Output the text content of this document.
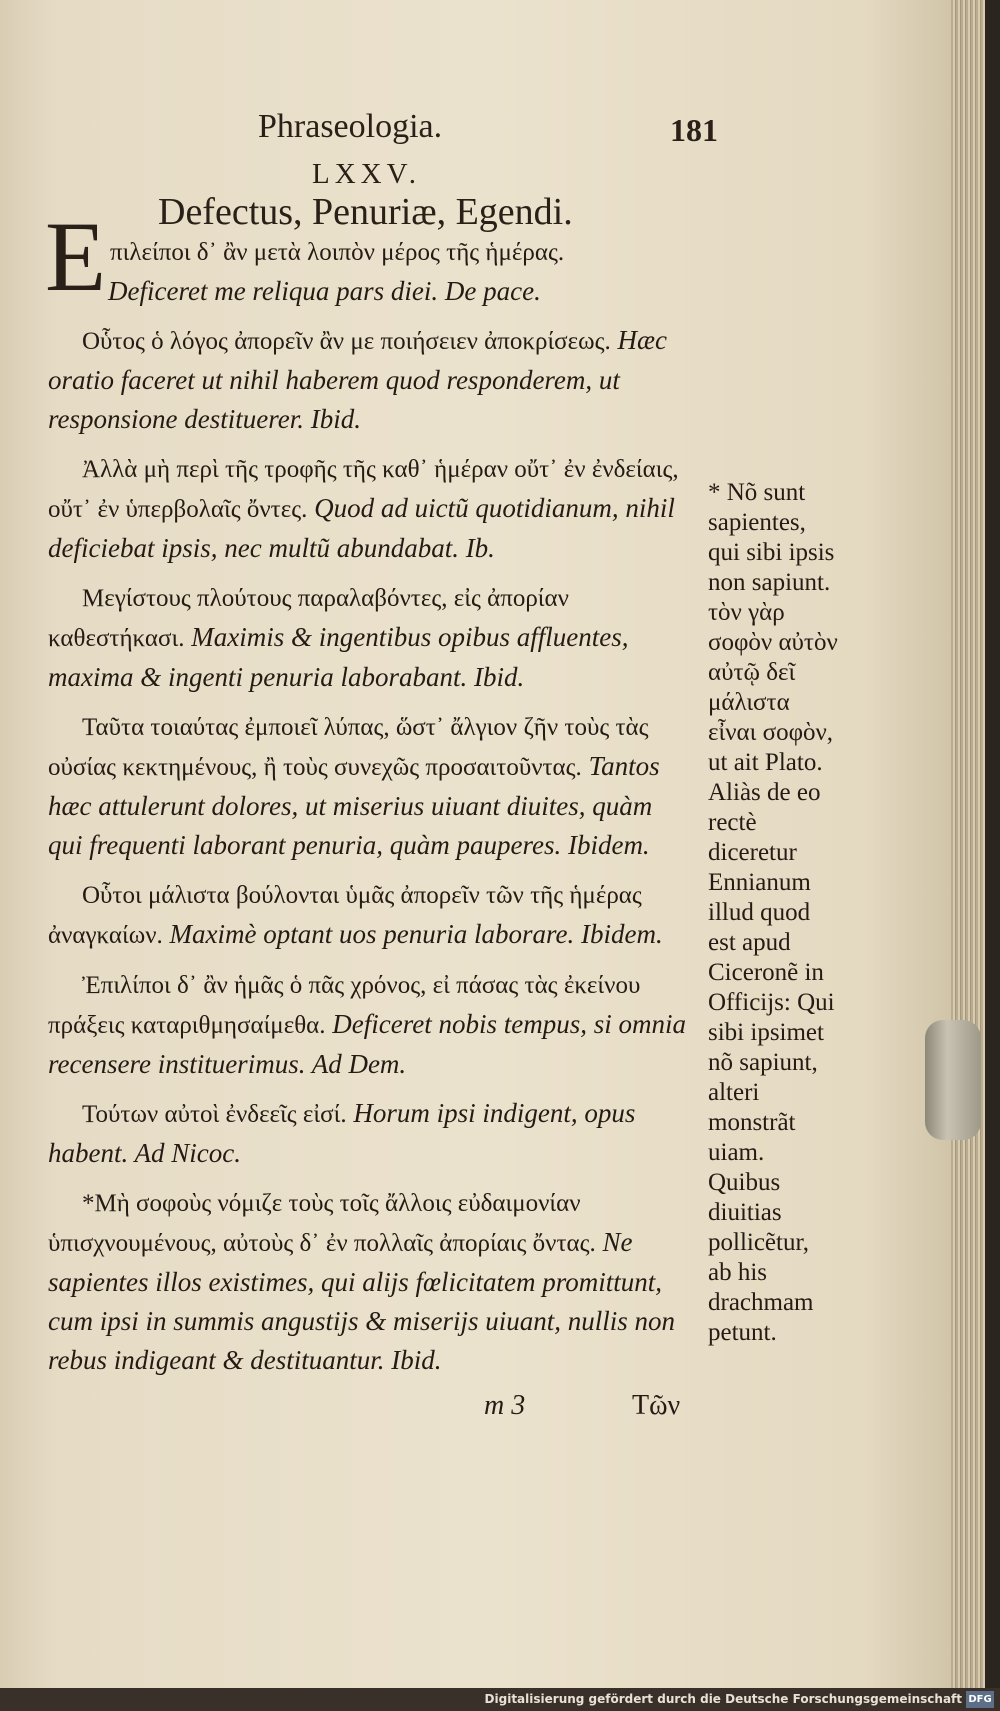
Phraseologia.	181
LXXV.
Defectus, Penuriæ, Egendi.
E πιλείποι δ᾽ ἂν μετὰ λοιπὸν μέρος τῆς ἡμέρας.
Deficeret me reliqua pars diei. De pace.

Οὗτος ὁ λόγος ἀπορεῖν ἂν με ποιήσειεν ἀποκρίσεως. Hæc oratio faceret ut nihil haberem quod responderem, ut responsione destituerer. Ibid.

Ἀλλὰ μὴ περὶ τῆς τροφῆς τῆς καθ᾽ ἡμέραν οὔτ᾽ ἐν ἐνδείαις, οὔτ᾽ ἐν ὑπερβολαῖς ὄντες. Quod ad uictũ quotidianum, nihil deficiebat ipsis, nec multũ abundabat. Ib.

Μεγίστους πλούτους παραλαβόντες, εἰς ἀπορίαν καθεστήκασι. Maximis & ingentibus opibus affluentes, maxima & ingenti penuria laborabant. Ibid.

Ταῦτα τοιαύτας ἐμποιεῖ λύπας, ὥστ᾽ ἄλγιον ζῆν τοὺς τὰς οὐσίας κεκτημένους, ἢ τοὺς συνεχῶς προσαιτοῦντας. Tantos hæc attulerunt dolores, ut miserius uiuant diuites, quàm qui frequenti laborant penuria, quàm pauperes. Ibidem.

Οὗτοι μάλιστα βούλονται ὑμᾶς ἀπορεῖν τῶν τῆς ἡμέρας ἀναγκαίων. Maximè optant uos penuria laborare. Ibidem.

Ἐπιλίποι δ᾽ ἂν ἡμᾶς ὁ πᾶς χρόνος, εἰ πάσας τὰς ἐκείνου πράξεις καταριθμησαίμεθα. Deficeret nobis tempus, si omnia recensere instituerimus. Ad Dem.

Τούτων αὐτοὶ ἐνδεεῖς εἰσί. Horum ipsi indigent, opus habent. Ad Nicoc.

*Μὴ σοφοὺς νόμιζε τοὺς τοῖς ἄλλοις εὐδαιμονίαν ὑπισχνουμένους, αὐτοὺς δ᾽ ἐν πολλαῖς ἀπορίαις ὄντας. Ne sapientes illos existimes, qui alijs fœlicitatem promittunt, cum ipsi in summis angustijs & miserijs uiuant, nullis non rebus indigeant & destituantur. Ibid.

* Nõ sunt sapientes, qui sibi ipsis non sapiunt. τὸν γὰρ σοφὸν αὐτὸν αὐτῷ δεῖ μάλιστα εἶναι σοφὸν, ut ait Plato. Aliàs de eo rectè diceretur Ennianum illud quod est apud Ciceronẽ in Officijs: Qui sibi ipsimet nõ sapiunt, alteri monstrãt uiam. Quibus diuitias pollicẽtur, ab his drachmam petunt.
m 3	Τῶν
Digitalisierung gefördert durch die Deutsche Forschungsgemeinschaft DFG
